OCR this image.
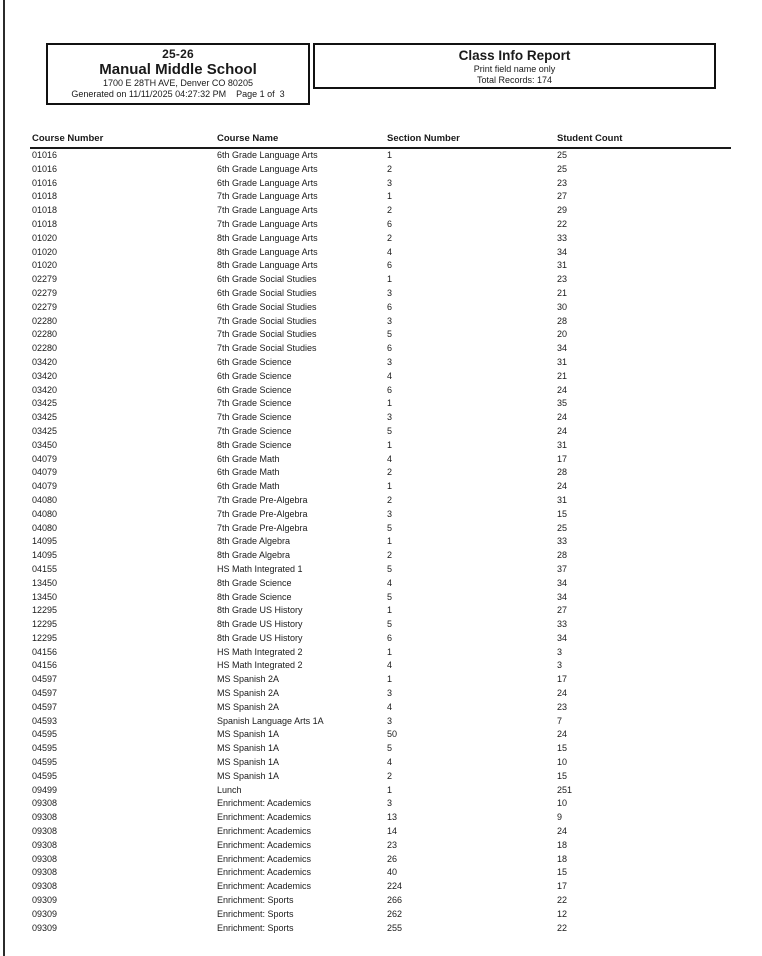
25-26
Manual Middle School
1700 E 28TH AVE, Denver CO 80205
Generated on 11/11/2025 04:27:32 PM    Page 1 of  3
Class Info Report
Print field name only
Total Records: 174
Course Number	Course Name	Section Number	Student Count
01016	6th Grade Language Arts	1	25
01016	6th Grade Language Arts	2	25
01016	6th Grade Language Arts	3	23
01018	7th Grade Language Arts	1	27
01018	7th Grade Language Arts	2	29
01018	7th Grade Language Arts	6	22
01020	8th Grade Language Arts	2	33
01020	8th Grade Language Arts	4	34
01020	8th Grade Language Arts	6	31
02279	6th Grade Social Studies	1	23
02279	6th Grade Social Studies	3	21
02279	6th Grade Social Studies	6	30
02280	7th Grade Social Studies	3	28
02280	7th Grade Social Studies	5	20
02280	7th Grade Social Studies	6	34
03420	6th Grade Science	3	31
03420	6th Grade Science	4	21
03420	6th Grade Science	6	24
03425	7th Grade Science	1	35
03425	7th Grade Science	3	24
03425	7th Grade Science	5	24
03450	8th Grade Science	1	31
04079	6th Grade Math	4	17
04079	6th Grade Math	2	28
04079	6th Grade Math	1	24
04080	7th Grade Pre-Algebra	2	31
04080	7th Grade Pre-Algebra	3	15
04080	7th Grade Pre-Algebra	5	25
14095	8th Grade Algebra	1	33
14095	8th Grade Algebra	2	28
04155	HS Math Integrated 1	5	37
13450	8th Grade Science	4	34
13450	8th Grade Science	5	34
12295	8th Grade US History	1	27
12295	8th Grade US History	5	33
12295	8th Grade US History	6	34
04156	HS Math Integrated 2	1	3
04156	HS Math Integrated 2	4	3
04597	MS Spanish 2A	1	17
04597	MS Spanish 2A	3	24
04597	MS Spanish 2A	4	23
04593	Spanish Language Arts 1A	3	7
04595	MS Spanish 1A	50	24
04595	MS Spanish 1A	5	15
04595	MS Spanish 1A	4	10
04595	MS Spanish 1A	2	15
09499	Lunch	1	251
09308	Enrichment: Academics	3	10
09308	Enrichment: Academics	13	9
09308	Enrichment: Academics	14	24
09308	Enrichment: Academics	23	18
09308	Enrichment: Academics	26	18
09308	Enrichment: Academics	40	15
09308	Enrichment: Academics	224	17
09309	Enrichment: Sports	266	22
09309	Enrichment: Sports	262	12
09309	Enrichment: Sports	255	22
